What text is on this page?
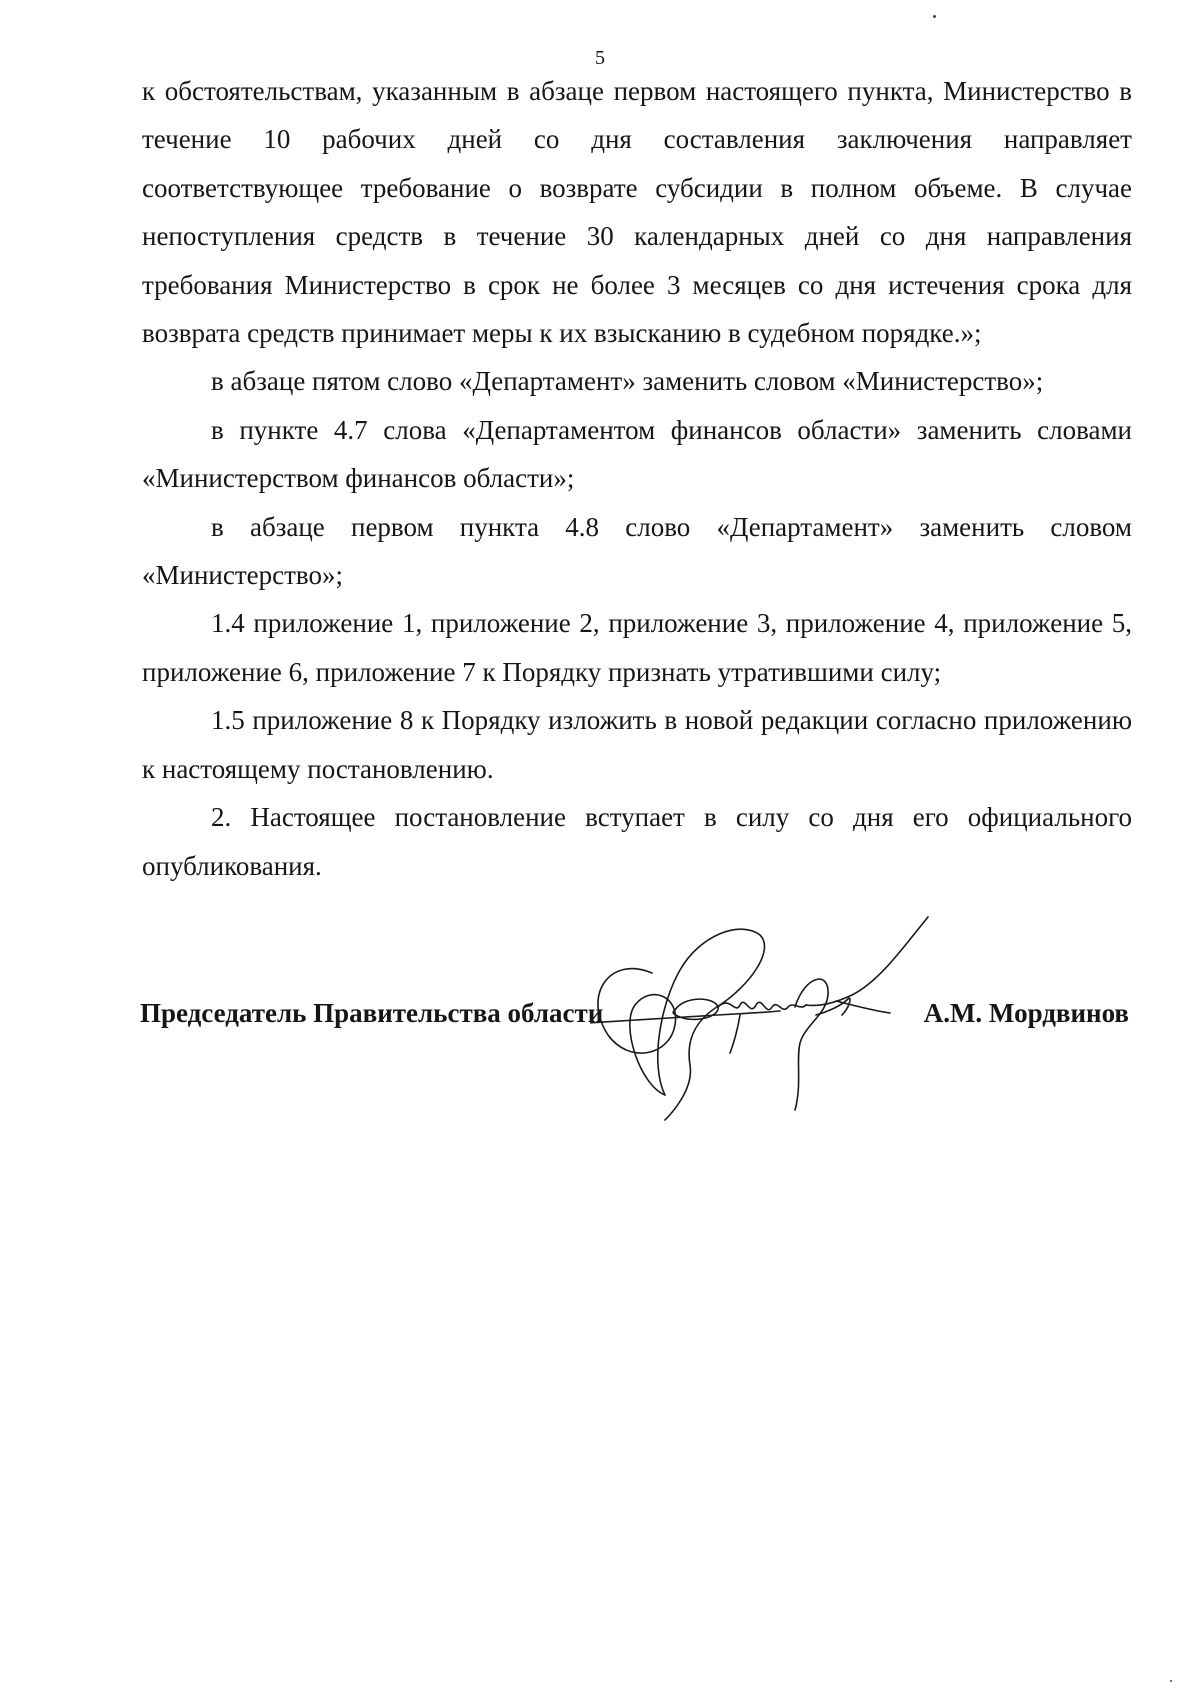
5

к обстоятельствам, указанным в абзаце первом настоящего пункта, Министерство в течение 10 рабочих дней со дня составления заключения направляет соответствующее требование о возврате субсидии в полном объеме. В случае непоступления средств в течение 30 календарных дней со дня направления требования Министерство в срок не более 3 месяцев со дня истечения срока для возврата средств принимает меры к их взысканию в судебном порядке.»;

в абзаце пятом слово «Департамент» заменить словом «Министерство»;

в пункте 4.7 слова «Департаментом финансов области» заменить словами «Министерством финансов области»;

в абзаце первом пункта 4.8 слово «Департамент» заменить словом «Министерство»;

1.4 приложение 1, приложение 2, приложение 3, приложение 4, приложение 5, приложение 6, приложение 7 к Порядку признать утратившими силу;

1.5 приложение 8 к Порядку изложить в новой редакции согласно приложению к настоящему постановлению.

2. Настоящее постановление вступает в силу со дня его официального опубликования.

Председатель Правительства области	А.М. Мордвинов
